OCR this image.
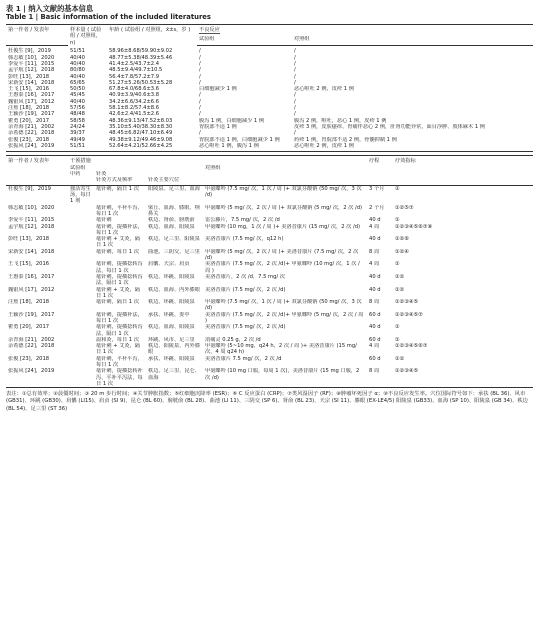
表 1 | 纳入文献的基本信息
Table 1 | Basic information of the included literatures
第一作者 / 发表年	样本量 ( 试验组 / 对照组，n)	年龄 ( 试验组 / 对照组，x̄±s，岁 )	不良反应	
			试验组	对照组
杜俊生 [9]，2019	51/51	58.96±8.68/59.90±9.02	/	/
韩志敏 [10]，2020	40/40	48.77±5.38/48.39±5.46	/	/
李爱平 [11]，2015	40/40	41.4±2.5/43.7±2.4	/	/
孟宇航 [12]，2018	80/80	48.5±9.4/49.7±10.5	/	/
彭旺 [13]，2018	40/40	56.4±7.8/57.2±7.9	/	/
宋新安 [14]，2018	65/65	51.27±5.26/50.53±5.28	/	/
王飞 [15]，2016	50/50	67.8±4.0/68.6±3.6	白细胞减少 1 例	恶心呕吐 2 例，皮疹 1 例
王惠泰 [16]，2017	45/45	40.9±3.9/40.6±3.8	/	/
魏银风 [17]，2012	40/40	34.2±6.6/34.2±6.6	/	/
汪蕉 [18]，2018	57/56	58.1±8.2/57.4±8.6	/	/
王颖沙 [19]，2017	48/48	42.6±2.4/41.5±2.6	/	/
瞿勇 [20]，2017	58/58	48.36±9.13/47.52±8.03	腹泻 1 例，白细胞减少 1 例	腹泻 2 例，呕吐，恶心 1 例，皮疹 1 例
余青海 [21]，2002	24/24	35.10±5.40/38.30±8.30	胃脘部不适 1 例	皮疹 3 例，皮肤瘙痒、胃痛伴恶心 2 例，肝肾功能异常，面目浮肿、肢体麻木 1 例
余希德 [22]，2018	39/37	48.45±6.82/47.10±6.49	/	/
张俊 [23]，2018	49/49	49.38±9.12/49.46±9.08	胃脘部不适 1 例，白细胞减少 1 例	药疹 1 例，胃脘部不适 2 例，骨髓抑制 1 例
张振风 [24]，2019	51/51	52.64±4.21/52.66±4.25	恶心呕吐 1 例，腹泻 1 例	恶心呕吐 2 例，皮疹 1 例
第一作者 / 发表年	干预措施				疗程	疗效指标
	试验组			对照组		
	中药	针灸				
		针灸方式及频率	针灸主要穴位			
杜俊生 [9]，2019	独活寄生汤，每日 1 剂	毫针刺，隔日 1 次	阳陵泉、足三里、血海	甲氨蝶呤 (7.5 mg/ 次，1 次 / 周 )+ 双氯芬酸钠 (50 mg/ 次，3 次 /d)	3 个月	①
韩志敏 [10]，2020		毫针刺，平补平泻，每日 1 次	梁丘、血海、膝眼、犊鼻关	甲氨蝶呤 (5 mg/ 次，2 次 / 周 )+ 双氯芬酸钠 (5 mg/ 次，2 次 /d)	2 个月	①②⑤⑦
李爱平 [11]，2015		毫针刺	秩边、肾俞、膀胱俞	雷公藤片，7.5 mg/ 次，2 次 /d	40 d	①
孟宇航 [12]，2018		毫针刺，提插补法，每日 1 次	秩边、血海、阳陵泉	甲氨蝶呤 (10 mg，1 次 / 周 )+ 美洛昔康片 (15 mg/ 次，2 次 /d)	4 周	①②③④⑤⑥⑦⑧
彭旺 [13]，2018		毫针刺 + 艾灸，隔日 1 次	秩边、足三里、阳陵泉	美洛昔康片 (7.5 mg/ 次，q12 h)	40 d	①②⑥
宋新安 [14]，2018		毫针刺，每日 1 次	曲池、三阴交、足三里	甲氨蝶呤 (5 mg/ 次，2 次 / 周 )+ 美洛昔康片 (7.5 mg/ 次，2 次 /d)	8 周	①②④
王飞 [15]，2016		毫针刺，提插捻转泻法，每日 1 次	肩髃、天宗、肩贞	美洛昔康片 (7.5 mg/ 次，2 次 /d)+ 甲氨蝶呤 (10 mg/ 次，1 次 / 周 )	4 周	①
王惠泰 [16]，2017		毫针刺，提插捻转泻法，隔日 1 次	秩边、环跳、阳陵泉	美洛昔康片，2 次 /d，7.5 mg/ 次	40 d	①②
魏银风 [17]，2012		毫针刺 + 艾灸，隔日 1 次	秩边、血海、内外膝眼	美洛昔康片 (7.5 mg/ 次，2 次 /d)	40 d	①②
汪蕉 [18]，2018		毫针刺，隔日 1 次	秩边、环跳、阳陵泉	甲氨蝶呤 (7.5 mg/ 次，1 次 / 周 )+ 双氯芬酸钠 (50 mg/ 次，3 次 /d)	8 周	①②③④⑤
王颖沙 [19]，2017		毫针刺，提插补法，每日 1 次	承扶、环跳、委中	美洛昔康片 (7.5 mg/ 次，2 次 /d)+ 甲氨蝶呤 (5 mg/ 次，2 次 / 周 )	60 d	①②③④⑤⑦
瞿勇 [20]，2017		毫针刺，提插捻转泻法，隔日 1 次	秩边、血海、阳陵泉	美洛昔康片 (7.5 mg/ 次，2 次 /d)	40 d	①
余青海 [21]，2002		温和灸，每日 1 次	环跳、风市、足三里	消痛灵 0.25 g，2 次 /d	60 d	①
余希德 [22]，2018		毫针刺 + 艾灸，隔日 1 次	秩边、阳陵泉、内外膝眼	甲氨蝶呤 (5~10 mg，q24 h，2 次 / 周 )+ 美洛昔康片 (15 mg/ 次，4 周 q24 h)	4 周	①②③④⑤⑥⑦
张俊 [23]，2018		毫针刺，平补平泻，每日 1 次	承扶、环跳、阳陵泉	美洛昔康片 7.5 mg/ 次，2 次 /d	60 d	①②
张振风 [24]，2019		毫针刺，提插捻转补泻，平补平泻法，每日 1 次	秩边、足三里、昆仑、血海	甲氨蝶呤 (10 mg 口服，每周 1 次)，美洛昔康片 (15 mg 口服，2 次 /d)	8 周	①②③④⑤
表注：①总有效率；②晨僵时间；③ 20 m 步行时间；④关节肿胀指数；⑤红细胞沉降率 (ESR)；⑥ C 反应蛋白 (CRP)；⑦类风湿因子 (RF)；⑧肿瘤坏死因子 α；⑨不良反应发生率。穴位国际符号如下：承扶 (BL 36)、风市 (GB31)、环跳 (GB30)、肩髃 (LI15)、肩贞 (SI 9)、昆仑 (BL 60)、膀胱俞 (BL 28)、曲池 (LI 11)、三阴交 (SP 6)、肾俞 (BL 23)、天宗 (SI 11)、膝眼 (EX-LE4/5) 阳陵泉 (GB33)、血海 (SP 10)、阳陵泉 (GB 34)、秩边 (BL 54)、足三里 (ST 36)
